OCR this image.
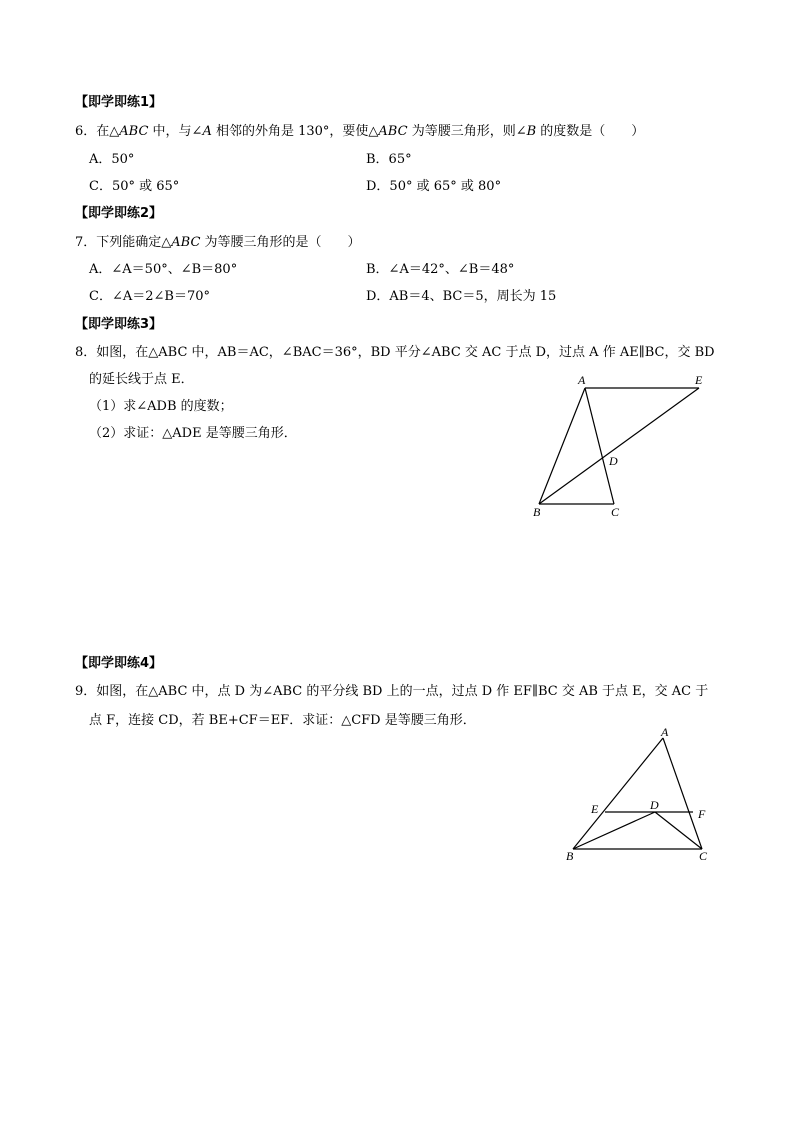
【即学即练1】
6．在△ABC 中，与∠A 相邻的外角是 130°，要使△ABC 为等腰三角形，则∠B 的度数是（　　）
A．50°	B．65°
C．50° 或 65°	D．50° 或 65° 或 80°
【即学即练2】
7．下列能确定△ABC 为等腰三角形的是（　　）
A．∠A＝50°、∠B＝80°	B．∠A＝42°、∠B＝48°
C．∠A＝2∠B＝70°	D．AB＝4、BC＝5，周长为 15
【即学即练3】
8．如图，在△ABC 中，AB＝AC，∠BAC＝36°，BD 平分∠ABC 交 AC 于点 D，过点 A 作 AE∥BC，交 BD
的延长线于点 E．
（1）求∠ADB 的度数；
（2）求证：△ADE 是等腰三角形．
A	E
D
B	C
【即学即练4】
9．如图，在△ABC 中，点 D 为∠ABC 的平分线 BD 上的一点，过点 D 作 EF∥BC 交 AB 于点 E，交 AC 于
点 F，连接 CD，若 BE+CF＝EF．求证：△CFD 是等腰三角形．
A
E	D
F
B	C
